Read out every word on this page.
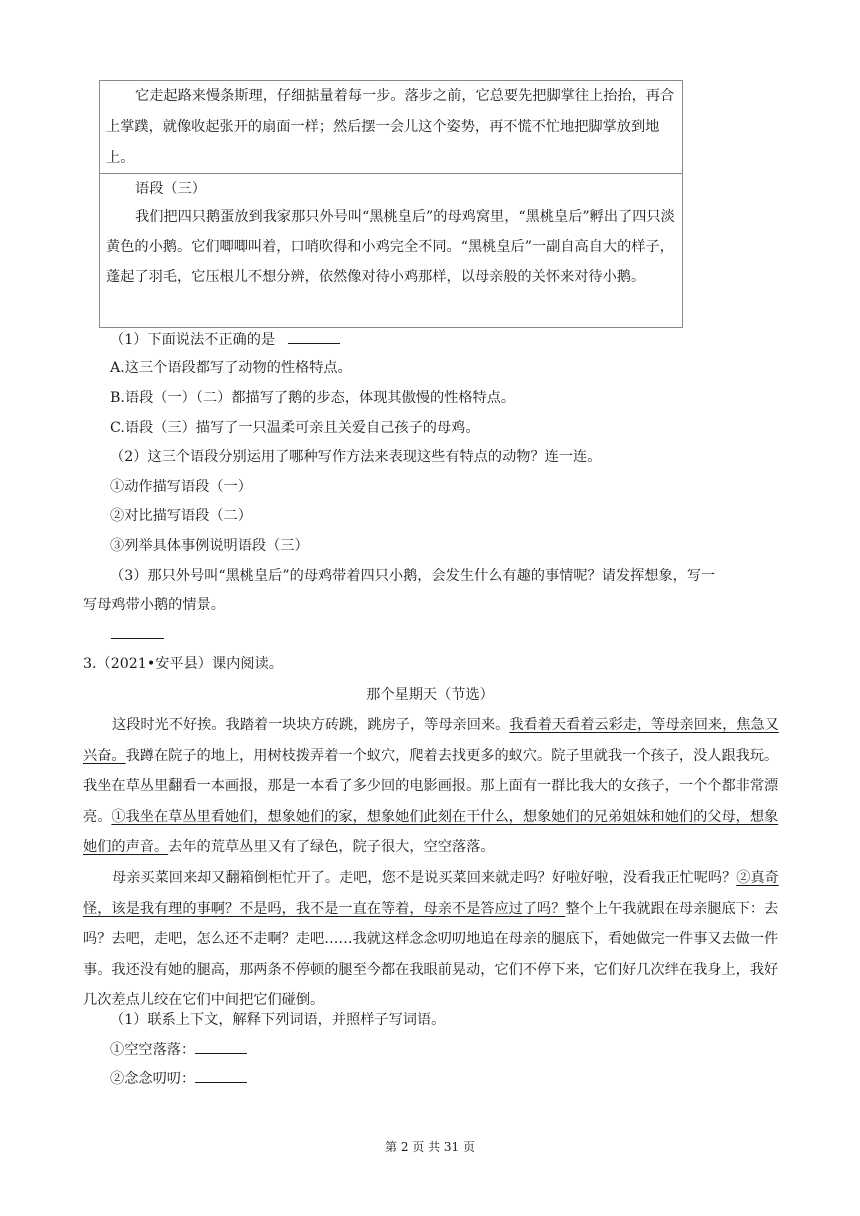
它走起路来慢条斯理，仔细掂量着每一步。落步之前，它总要先把脚掌往上抬抬，再合上掌蹼，就像收起张开的扇面一样；然后摆一会儿这个姿势，再不慌不忙地把脚掌放到地上。
语段（三）
我们把四只鹅蛋放到我家那只外号叫“黑桃皇后”的母鸡窝里，“黑桃皇后”孵出了四只淡黄色的小鹅。它们唧唧叫着，口哨吹得和小鸡完全不同。“黑桃皇后”一副自高自大的样子，蓬起了羽毛，它压根儿不想分辨，依然像对待小鸡那样，以母亲般的关怀来对待小鹅。
（1）下面说法不正确的是
A.这三个语段都写了动物的性格特点。
B.语段（一）（二）都描写了鹅的步态，体现其傲慢的性格特点。
C.语段（三）描写了一只温柔可亲且关爱自己孩子的母鸡。
（2）这三个语段分别运用了哪种写作方法来表现这些有特点的动物？连一连。
①动作描写语段（一）
②对比描写语段（二）
③列举具体事例说明语段（三）
（3）那只外号叫“黑桃皇后”的母鸡带着四只小鹅，会发生什么有趣的事情呢？请发挥想象，写一
写母鸡带小鹅的情景。
3.（2021•安平县）课内阅读。
那个星期天（节选）
这段时光不好挨。我踏着一块块方砖跳，跳房子，等母亲回来。我看着天看着云彩走，等母亲回来，焦急又兴奋。我蹲在院子的地上，用树枝拨弄着一个蚁穴，爬着去找更多的蚁穴。院子里就我一个孩子，没人跟我玩。我坐在草丛里翻看一本画报，那是一本看了多少回的电影画报。那上面有一群比我大的女孩子，一个个都非常漂亮。①我坐在草丛里看她们，想象她们的家，想象她们此刻在干什么，想象她们的兄弟姐妹和她们的父母，想象她们的声音。去年的荒草丛里又有了绿色，院子很大，空空落落。
母亲买菜回来却又翻箱倒柜忙开了。走吧，您不是说买菜回来就走吗？好啦好啦，没看我正忙呢吗？②真奇怪，该是我有理的事啊？不是吗，我不是一直在等着，母亲不是答应过了吗？整个上午我就跟在母亲腿底下：去吗？去吧，走吧，怎么还不走啊？走吧……我就这样念念叨叨地追在母亲的腿底下，看她做完一件事又去做一件事。我还没有她的腿高，那两条不停顿的腿至今都在我眼前晃动，它们不停下来，它们好几次绊在我身上，我好几次差点儿绞在它们中间把它们碰倒。
（1）联系上下文，解释下列词语，并照样子写词语。
①空空落落：
②念念叨叨：
第 2 页 共 31 页
